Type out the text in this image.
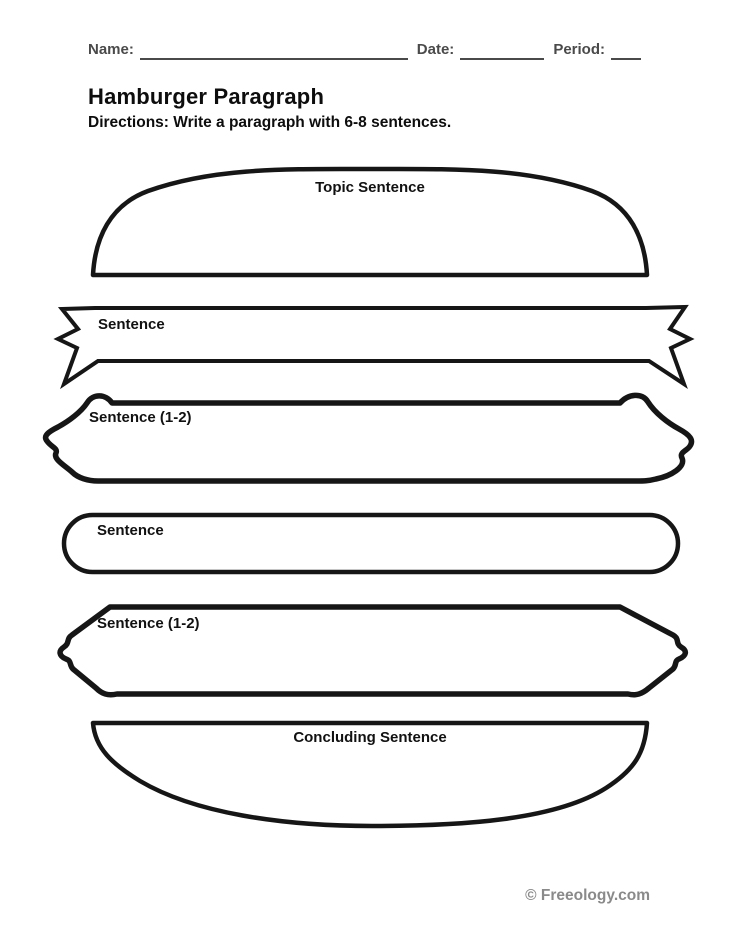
Name:	Date:	Period:
Hamburger Paragraph
Directions: Write a paragraph with 6-8 sentences.
Topic Sentence
Sentence
Sentence (1-2)
Sentence
Sentence (1-2)
Concluding Sentence
© Freeology.com
